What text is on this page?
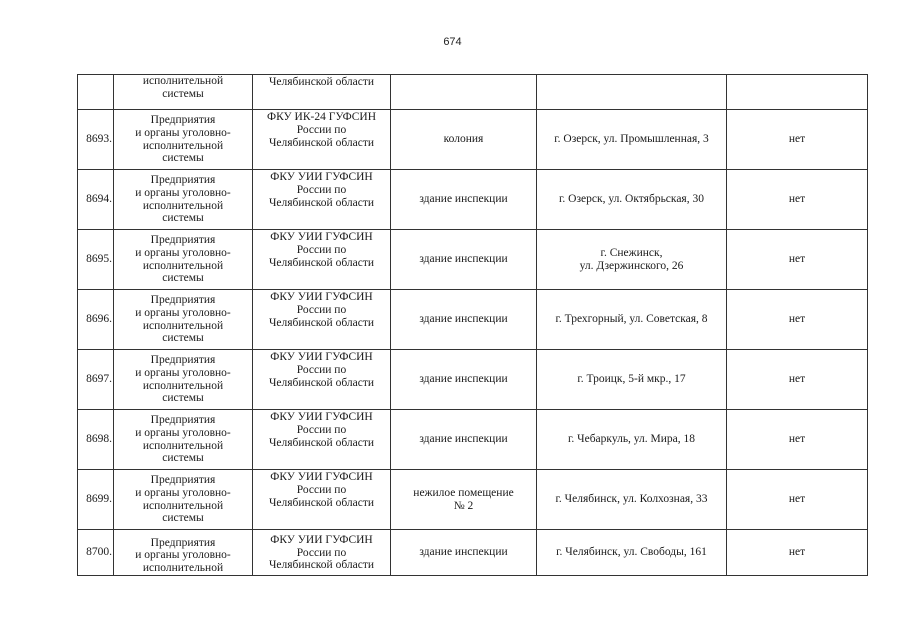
674
	исполнительной
системы	Челябинской области			
8693.	Предприятия
и органы уголовно-
исполнительной
системы	ФКУ ИК-24 ГУФСИН
России по
Челябинской области	колония	г. Озерск, ул. Промышленная, 3	нет
8694.	Предприятия
и органы уголовно-
исполнительной
системы	ФКУ УИИ ГУФСИН
России по
Челябинской области	здание инспекции	г. Озерск, ул. Октябрьская, 30	нет
8695.	Предприятия
и органы уголовно-
исполнительной
системы	ФКУ УИИ ГУФСИН
России по
Челябинской области	здание инспекции	г. Снежинск,
ул. Дзержинского, 26	нет
8696.	Предприятия
и органы уголовно-
исполнительной
системы	ФКУ УИИ ГУФСИН
России по
Челябинской области	здание инспекции	г. Трехгорный, ул. Советская, 8	нет
8697.	Предприятия
и органы уголовно-
исполнительной
системы	ФКУ УИИ ГУФСИН
России по
Челябинской области	здание инспекции	г. Троицк, 5-й мкр., 17	нет
8698.	Предприятия
и органы уголовно-
исполнительной
системы	ФКУ УИИ ГУФСИН
России по
Челябинской области	здание инспекции	г. Чебаркуль, ул. Мира, 18	нет
8699.	Предприятия
и органы уголовно-
исполнительной
системы	ФКУ УИИ ГУФСИН
России по
Челябинской области	нежилое помещение
№ 2	г. Челябинск, ул. Колхозная, 33	нет
8700.	Предприятия
и органы уголовно-
исполнительной	ФКУ УИИ ГУФСИН
России по
Челябинской области	здание инспекции	г. Челябинск, ул. Свободы, 161	нет
